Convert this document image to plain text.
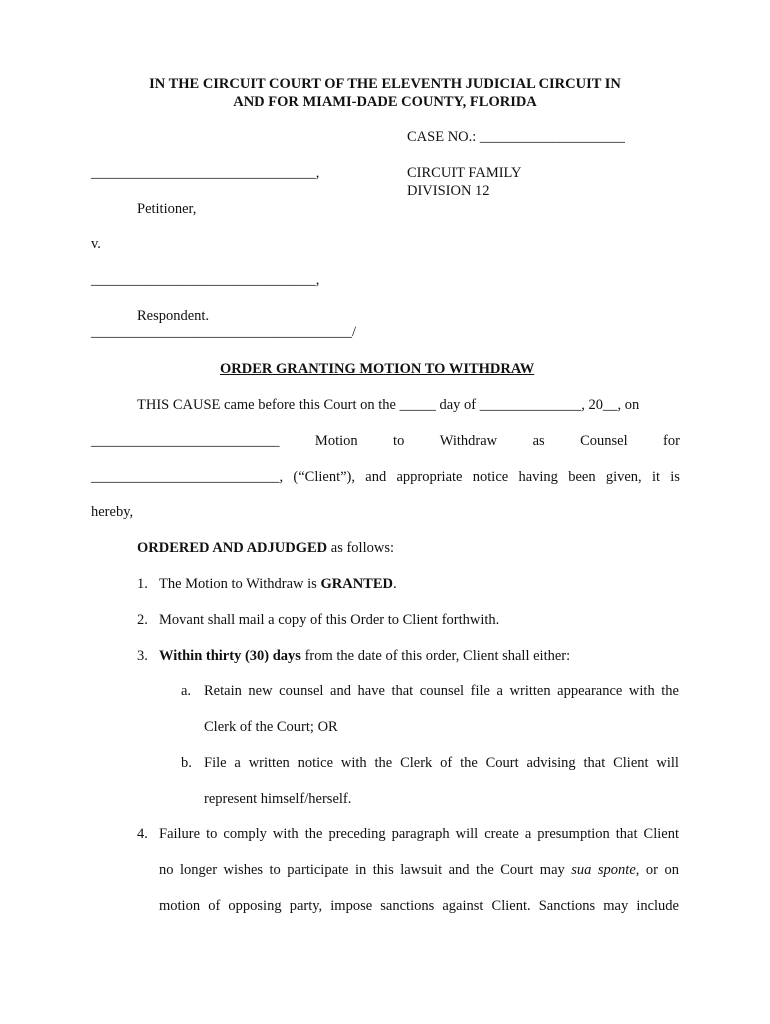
IN THE CIRCUIT COURT OF THE ELEVENTH JUDICIAL CIRCUIT IN
AND FOR MIAMI-DADE COUNTY, FLORIDA
CASE NO.: ____________________
CIRCUIT FAMILY
DIVISION 12
_______________________________,
Petitioner,
v.
_______________________________,
Respondent.
____________________________________/
ORDER GRANTING MOTION TO WITHDRAW
THIS CAUSE came before this Court on the _____ day of ______________, 20__, on
__________________________ Motion to Withdraw as Counsel for
__________________________, (“Client”), and appropriate notice having been given, it is
hereby,
ORDERED AND ADJUDGED as follows:
1. The Motion to Withdraw is GRANTED.
2. Movant shall mail a copy of this Order to Client forthwith.
3. Within thirty (30) days from the date of this order, Client shall either:
a. Retain new counsel and have that counsel file a written appearance with the
Clerk of the Court; OR
b. File a written notice with the Clerk of the Court advising that Client will
represent himself/herself.
4. Failure to comply with the preceding paragraph will create a presumption that Client
no longer wishes to participate in this lawsuit and the Court may sua sponte, or on
motion of opposing party, impose sanctions against Client. Sanctions may include
